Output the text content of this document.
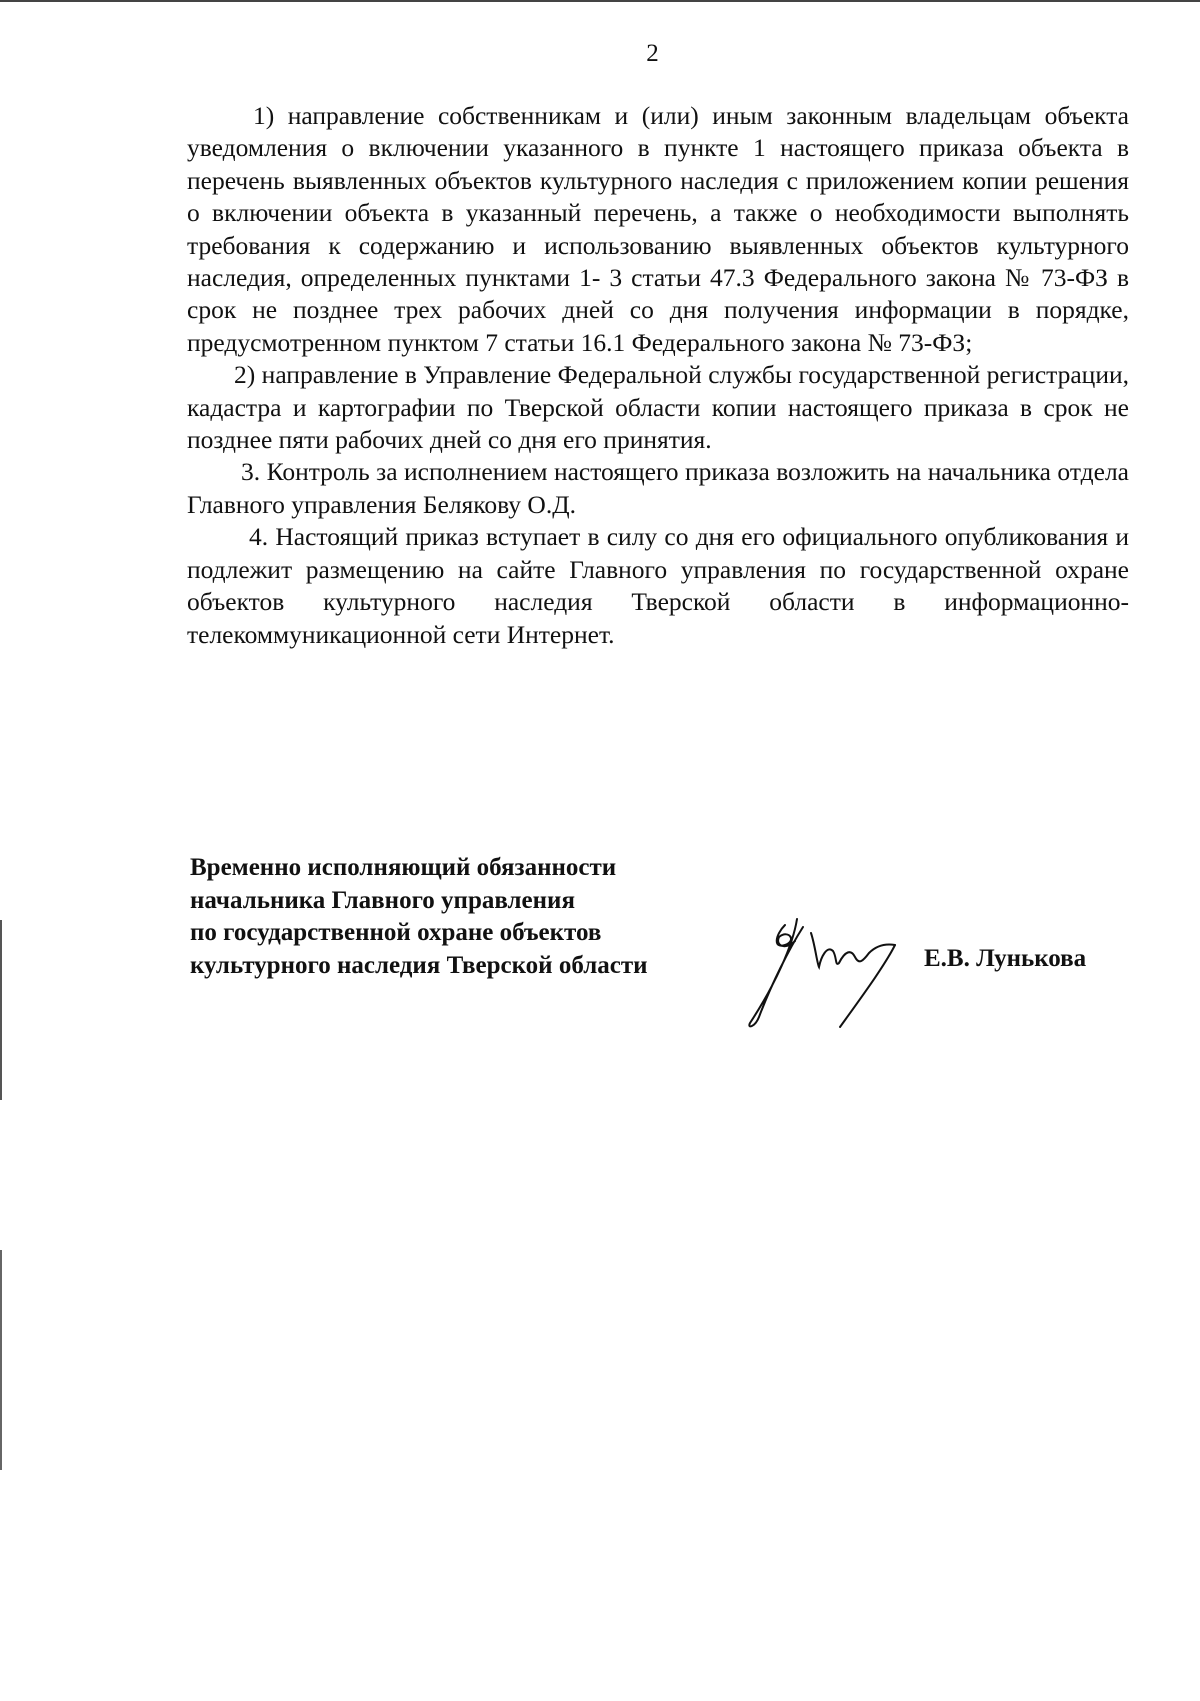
2

1) направление собственникам и (или) иным законным владельцам объекта уведомления о включении указанного в пункте 1 настоящего приказа объекта в перечень выявленных объектов культурного наследия с приложением копии решения о включении объекта в указанный перечень, а также о необходимости выполнять требования к содержанию и использованию выявленных объектов культурного наследия, определенных пунктами 1- 3 статьи 47.3 Федерального закона № 73-ФЗ в срок не позднее трех рабочих дней со дня получения информации в порядке, предусмотренном пунктом 7 статьи 16.1 Федерального закона № 73-ФЗ;

2) направление в Управление Федеральной службы государственной регистрации, кадастра и картографии по Тверской области копии настоящего приказа в срок не позднее пяти рабочих дней со дня его принятия.

3. Контроль за исполнением настоящего приказа возложить на начальника отдела Главного управления Белякову О.Д.

4. Настоящий приказ вступает в силу со дня его официального опубликования и подлежит размещению на сайте Главного управления по государственной охране объектов культурного наследия Тверской области в информационно-телекоммуникационной сети Интернет.

Временно исполняющий обязанности
начальника Главного управления
по государственной охране объектов
культурного наследия Тверской области	Е.В. Лунькова
